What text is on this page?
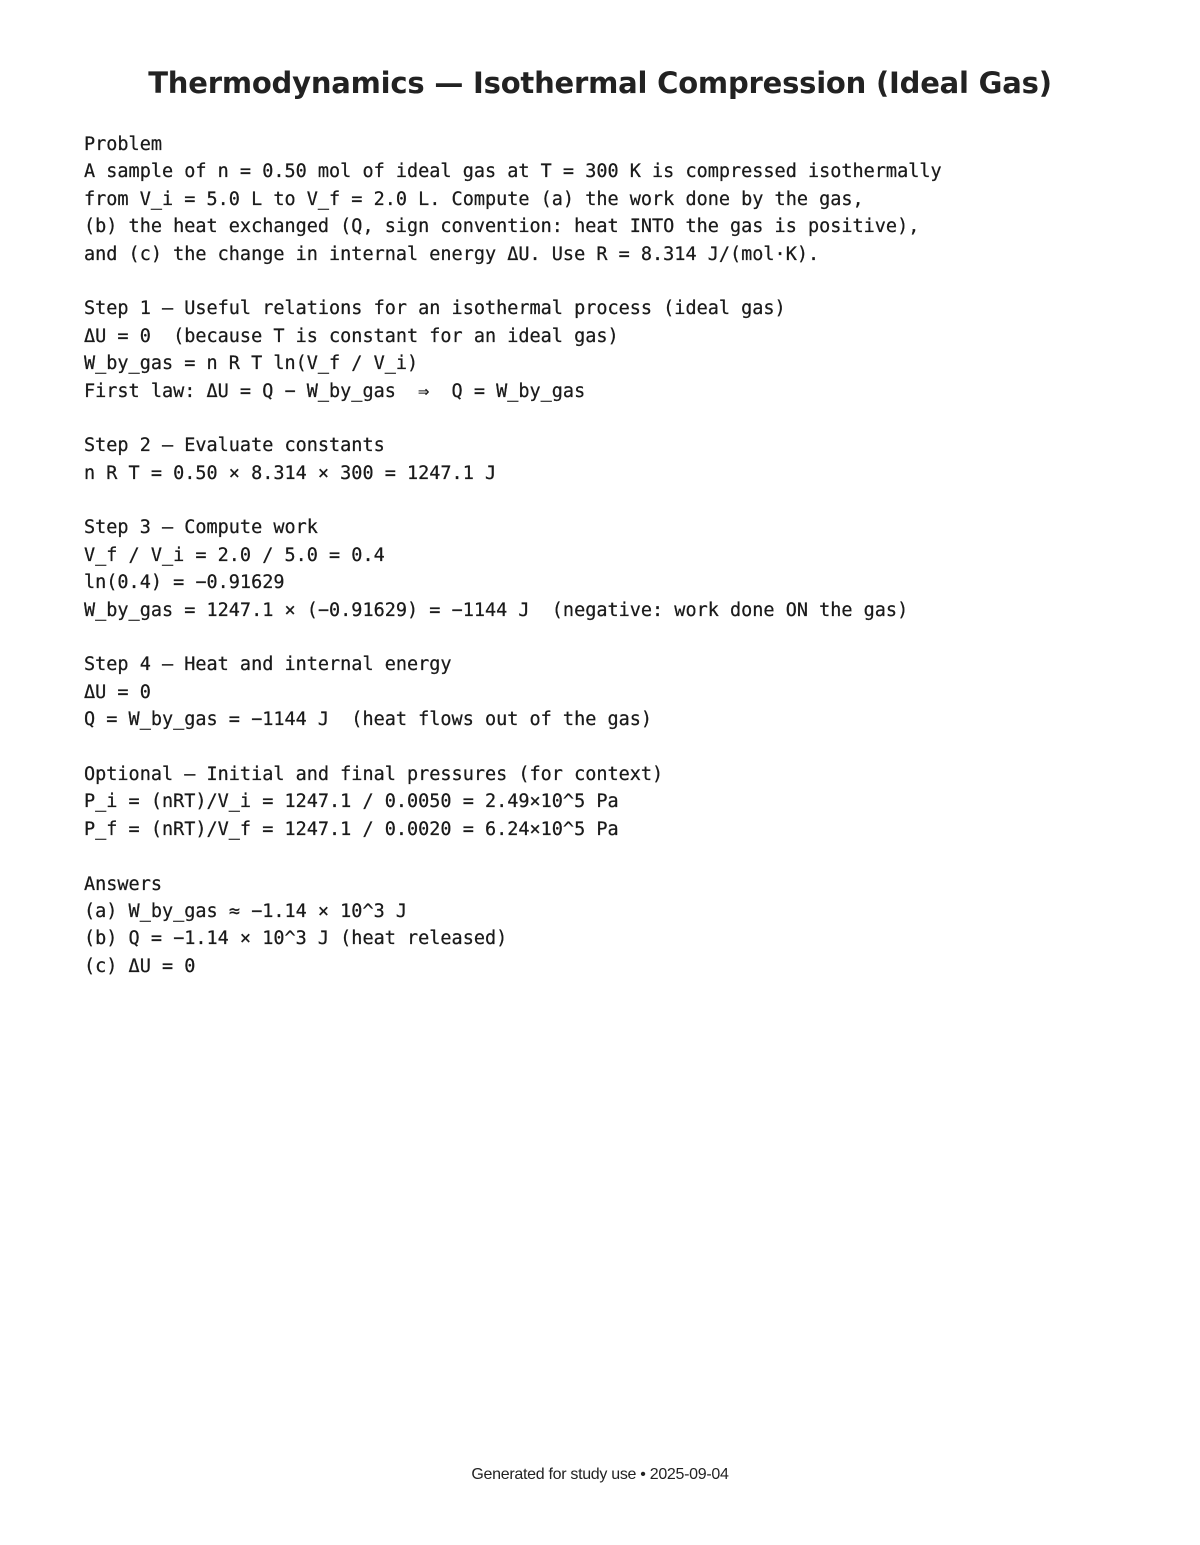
Thermodynamics — Isothermal Compression (Ideal Gas)
Problem
A sample of n = 0.50 mol of ideal gas at T = 300 K is compressed isothermally
from V_i = 5.0 L to V_f = 2.0 L. Compute (a) the work done by the gas,
(b) the heat exchanged (Q, sign convention: heat INTO the gas is positive),
and (c) the change in internal energy ΔU. Use R = 8.314 J/(mol·K).
Step 1 — Useful relations for an isothermal process (ideal gas)
ΔU = 0  (because T is constant for an ideal gas)
W_by_gas = n R T ln(V_f / V_i)
First law: ΔU = Q − W_by_gas  ⇒  Q = W_by_gas
Step 2 — Evaluate constants
n R T = 0.50 × 8.314 × 300 = 1247.1 J
Step 3 — Compute work
V_f / V_i = 2.0 / 5.0 = 0.4
ln(0.4) = −0.91629
W_by_gas = 1247.1 × (−0.91629) = −1144 J  (negative: work done ON the gas)
Step 4 — Heat and internal energy
ΔU = 0
Q = W_by_gas = −1144 J  (heat flows out of the gas)
Optional — Initial and final pressures (for context)
P_i = (nRT)/V_i = 1247.1 / 0.0050 = 2.49×10^5 Pa
P_f = (nRT)/V_f = 1247.1 / 0.0020 = 6.24×10^5 Pa
Answers
(a) W_by_gas ≈ −1.14 × 10^3 J
(b) Q = −1.14 × 10^3 J (heat released)
(c) ΔU = 0
Generated for study use • 2025-09-04
